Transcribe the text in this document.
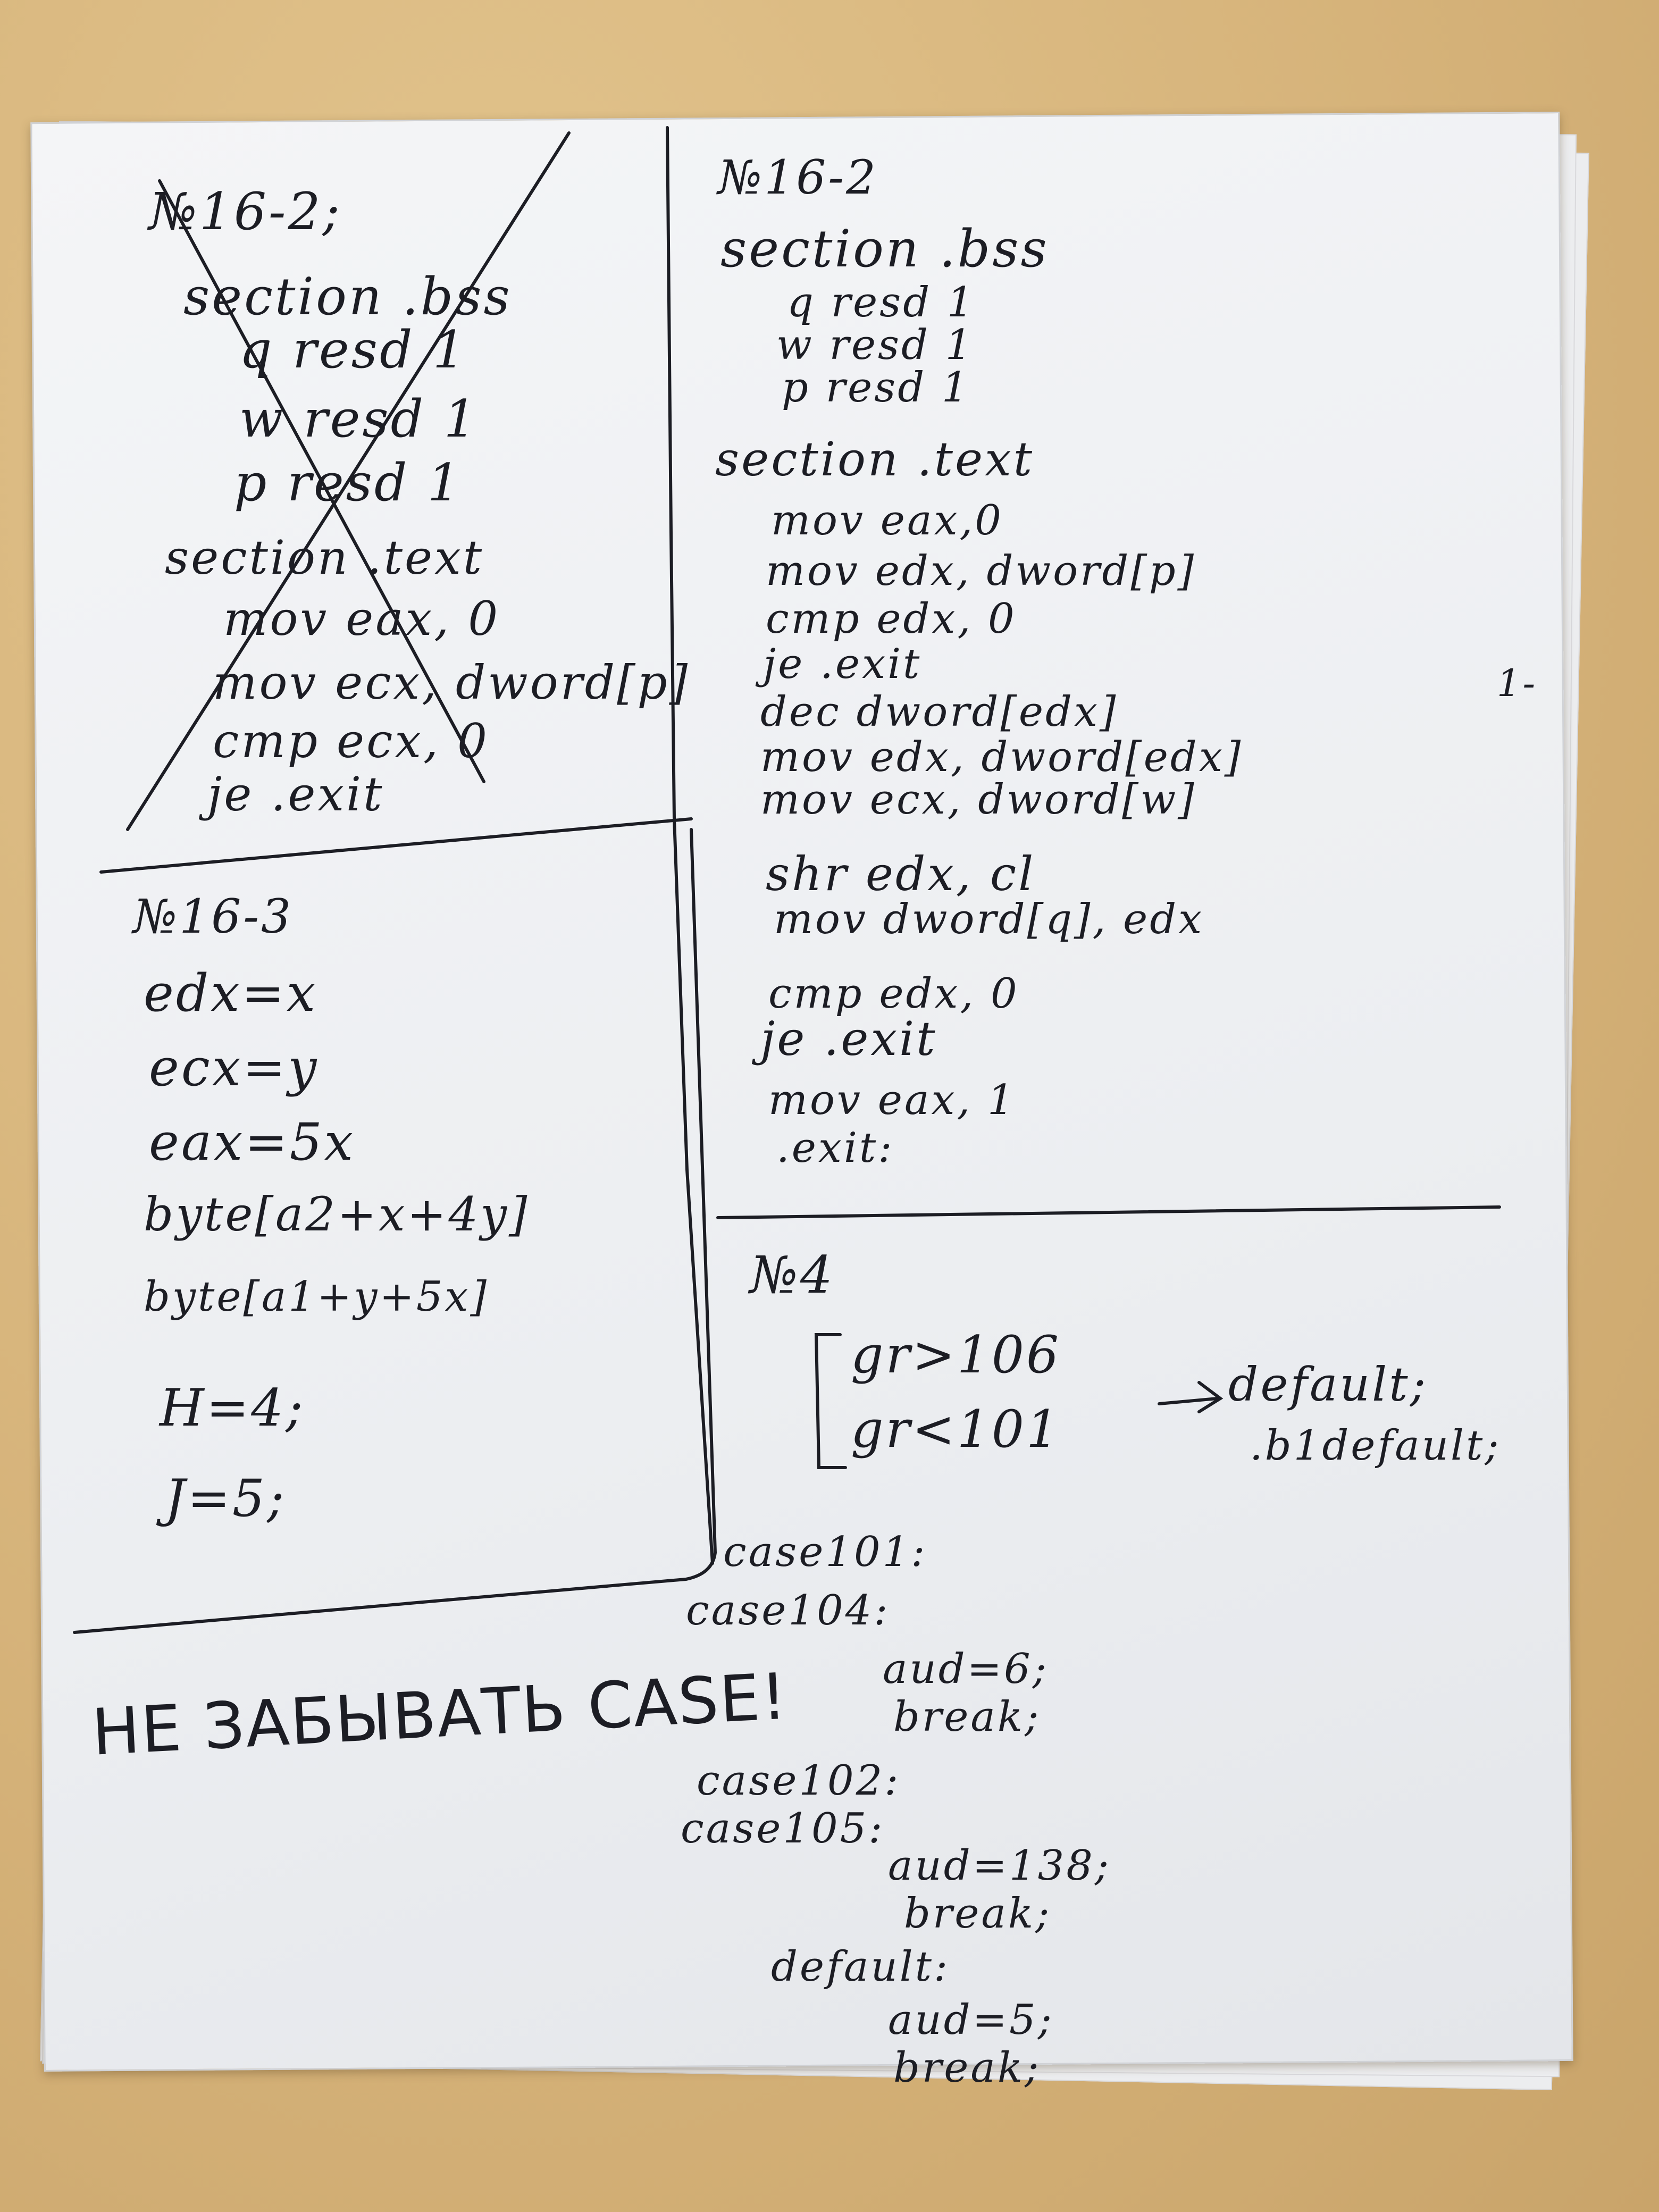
№16-2;
section .bss
q resd 1
w resd 1
p resd 1
section .text
mov eax, 0
mov ecx, dword[p]
cmp ecx, 0
je .exit
№16-2
section .bss
q resd 1
w resd 1
p resd 1
section .text
mov eax,0
mov edx, dword[p]
cmp edx, 0
je .exit
dec dword[edx]
mov edx, dword[edx]
mov ecx, dword[w]
shr edx, cl
mov dword[q], edx
cmp edx, 0
je .exit
mov eax, 1
.exit:
1-
№16-3
edx=x
ecx=y
eax=5x
byte[a2+x+4y]
byte[a1+y+5x]
H=4;
J=5;
№4
gr>106
gr<101
default;
.b1default;
case101:
case104:
aud=6;
break;
case102:
case105:
aud=138;
break;
default:
aud=5;
break;
НЕ ЗАБЫВАТЬ CASE!
